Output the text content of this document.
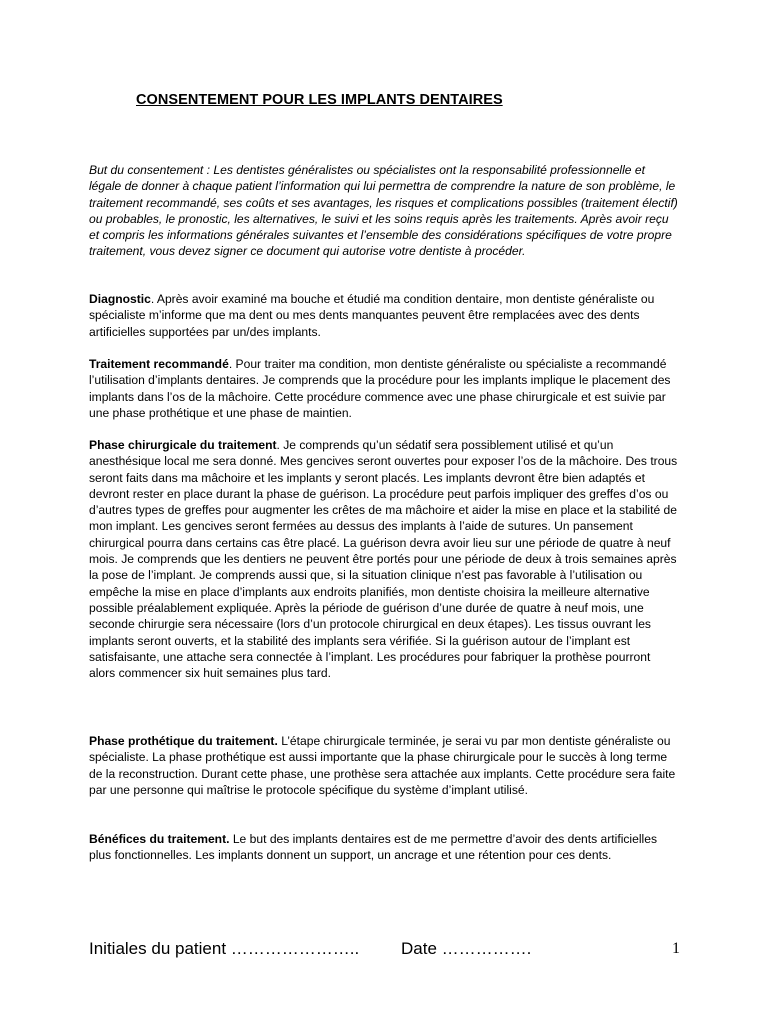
CONSENTEMENT POUR LES IMPLANTS DENTAIRES
But du consentement : Les dentistes généralistes ou spécialistes ont la responsabilité professionnelle et légale de donner à chaque patient l’information qui lui permettra de comprendre la nature de son problème, le traitement recommandé, ses coûts et ses avantages, les risques et complications possibles (traitement électif) ou probables, le pronostic, les alternatives, le suivi et les soins requis après les traitements. Après avoir reçu et compris les informations générales suivantes et l’ensemble des considérations spécifiques de votre propre traitement, vous devez signer ce document qui autorise votre dentiste à procéder.
Diagnostic. Après avoir examiné ma bouche et étudié ma condition dentaire, mon dentiste généraliste ou spécialiste m’informe que ma dent ou mes dents manquantes peuvent être remplacées avec des dents artificielles supportées par un/des implants.
Traitement recommandé. Pour traiter ma condition, mon dentiste généraliste ou spécialiste a recommandé l’utilisation d’implants dentaires. Je comprends que la procédure pour les implants implique le placement des implants dans l’os de la mâchoire. Cette procédure commence avec une phase chirurgicale et est suivie par une phase prothétique et une phase de maintien.
Phase chirurgicale du traitement. Je comprends qu’un sédatif sera possiblement utilisé et qu’un anesthésique local me sera donné. Mes gencives seront ouvertes pour exposer l’os de la mâchoire. Des trous seront faits dans ma mâchoire et les implants y seront placés. Les implants devront être bien adaptés et devront rester en place durant la phase de guérison. La procédure peut parfois impliquer des greffes d’os ou d’autres types de greffes pour augmenter les crêtes de ma mâchoire et aider la mise en place et la stabilité de mon implant. Les gencives seront fermées au dessus des implants à l’aide de sutures. Un pansement chirurgical pourra dans certains cas être placé. La guérison devra avoir lieu sur une période de quatre à neuf mois. Je comprends que les dentiers ne peuvent être portés pour une période de deux à trois semaines après la pose de l’implant. Je comprends aussi que, si la situation clinique n’est pas favorable à l’utilisation ou empêche la mise en place d’implants aux endroits planifiés, mon dentiste choisira la meilleure alternative possible préalablement expliquée. Après la période de guérison d’une durée de quatre à neuf mois, une seconde chirurgie sera nécessaire (lors d’un protocole chirurgical en deux étapes). Les tissus ouvrant les implants seront ouverts, et la stabilité des implants sera vérifiée. Si la guérison autour de l’implant est satisfaisante, une attache sera connectée à l’implant. Les procédures pour fabriquer la prothèse pourront alors commencer six huit semaines plus tard.
Phase prothétique du traitement. L’étape chirurgicale terminée, je serai vu par mon dentiste généraliste ou spécialiste. La phase prothétique est aussi importante que la phase chirurgicale pour le succès à long terme de la reconstruction. Durant cette phase, une prothèse sera attachée aux implants. Cette procédure sera faite par une personne qui maîtrise le protocole spécifique du système d’implant utilisé.
Bénéfices du traitement. Le but des implants dentaires est de me permettre d’avoir des dents artificielles plus fonctionnelles. Les implants donnent un support, un ancrage et une rétention pour ces dents.
Initiales du patient ………………….. Date …………….	1
